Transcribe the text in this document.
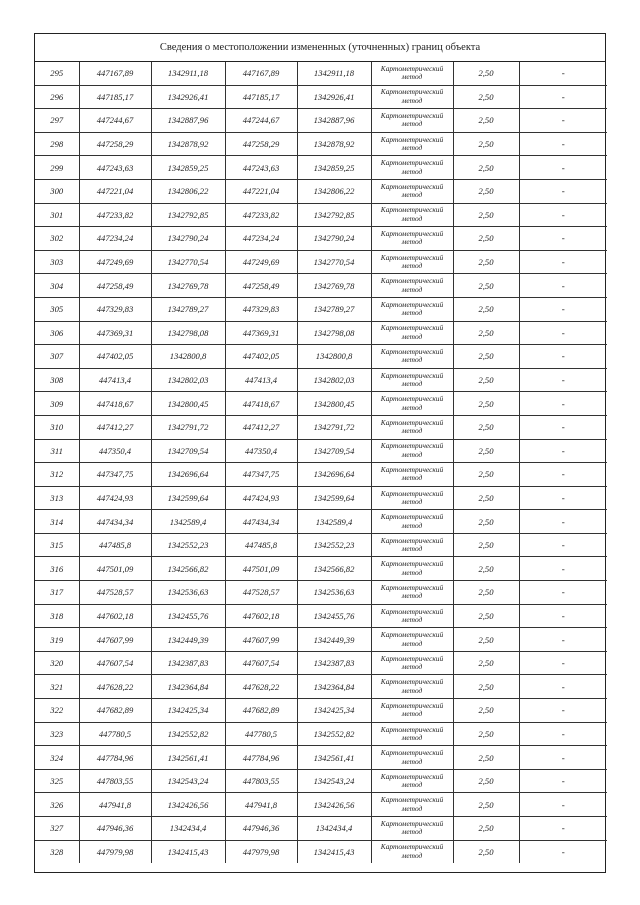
Сведения о местоположении измененных (уточненных) границ объекта
295	447167,89	1342911,18	447167,89	1342911,18	Картометрический
метод	2,50	-
296	447185,17	1342926,41	447185,17	1342926,41	Картометрический
метод	2,50	-
297	447244,67	1342887,96	447244,67	1342887,96	Картометрический
метод	2,50	-
298	447258,29	1342878,92	447258,29	1342878,92	Картометрический
метод	2,50	-
299	447243,63	1342859,25	447243,63	1342859,25	Картометрический
метод	2,50	-
300	447221,04	1342806,22	447221,04	1342806,22	Картометрический
метод	2,50	-
301	447233,82	1342792,85	447233,82	1342792,85	Картометрический
метод	2,50	-
302	447234,24	1342790,24	447234,24	1342790,24	Картометрический
метод	2,50	-
303	447249,69	1342770,54	447249,69	1342770,54	Картометрический
метод	2,50	-
304	447258,49	1342769,78	447258,49	1342769,78	Картометрический
метод	2,50	-
305	447329,83	1342789,27	447329,83	1342789,27	Картометрический
метод	2,50	-
306	447369,31	1342798,08	447369,31	1342798,08	Картометрический
метод	2,50	-
307	447402,05	1342800,8	447402,05	1342800,8	Картометрический
метод	2,50	-
308	447413,4	1342802,03	447413,4	1342802,03	Картометрический
метод	2,50	-
309	447418,67	1342800,45	447418,67	1342800,45	Картометрический
метод	2,50	-
310	447412,27	1342791,72	447412,27	1342791,72	Картометрический
метод	2,50	-
311	447350,4	1342709,54	447350,4	1342709,54	Картометрический
метод	2,50	-
312	447347,75	1342696,64	447347,75	1342696,64	Картометрический
метод	2,50	-
313	447424,93	1342599,64	447424,93	1342599,64	Картометрический
метод	2,50	-
314	447434,34	1342589,4	447434,34	1342589,4	Картометрический
метод	2,50	-
315	447485,8	1342552,23	447485,8	1342552,23	Картометрический
метод	2,50	-
316	447501,09	1342566,82	447501,09	1342566,82	Картометрический
метод	2,50	-
317	447528,57	1342536,63	447528,57	1342536,63	Картометрический
метод	2,50	-
318	447602,18	1342455,76	447602,18	1342455,76	Картометрический
метод	2,50	-
319	447607,99	1342449,39	447607,99	1342449,39	Картометрический
метод	2,50	-
320	447607,54	1342387,83	447607,54	1342387,83	Картометрический
метод	2,50	-
321	447628,22	1342364,84	447628,22	1342364,84	Картометрический
метод	2,50	-
322	447682,89	1342425,34	447682,89	1342425,34	Картометрический
метод	2,50	-
323	447780,5	1342552,82	447780,5	1342552,82	Картометрический
метод	2,50	-
324	447784,96	1342561,41	447784,96	1342561,41	Картометрический
метод	2,50	-
325	447803,55	1342543,24	447803,55	1342543,24	Картометрический
метод	2,50	-
326	447941,8	1342426,56	447941,8	1342426,56	Картометрический
метод	2,50	-
327	447946,36	1342434,4	447946,36	1342434,4	Картометрический
метод	2,50	-
328	447979,98	1342415,43	447979,98	1342415,43	Картометрический
метод	2,50	-
